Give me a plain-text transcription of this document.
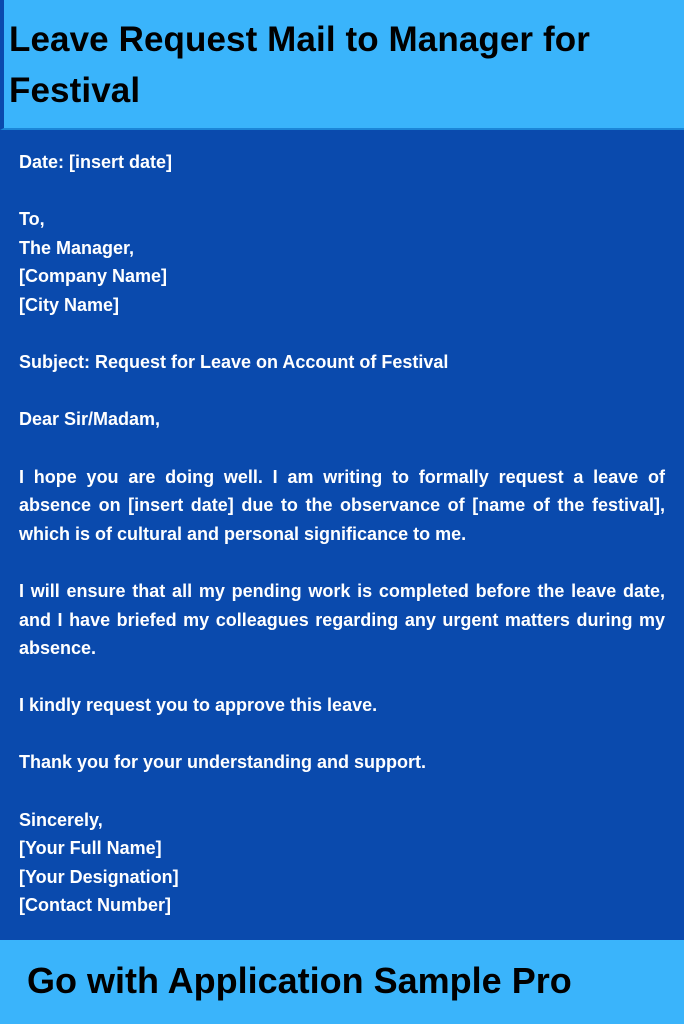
Leave Request Mail to Manager for Festival

Date: [insert date]

To,
The Manager,
[Company Name]
[City Name]

Subject: Request for Leave on Account of Festival

Dear Sir/Madam,

I hope you are doing well. I am writing to formally request a leave of absence on [insert date] due to the observance of [name of the festival], which is of cultural and personal significance to me.

I will ensure that all my pending work is completed before the leave date, and I have briefed my colleagues regarding any urgent matters during my absence.

I kindly request you to approve this leave.

Thank you for your understanding and support.

Sincerely,
[Your Full Name]
[Your Designation]
[Contact Number]

Go with Application Sample Pro
